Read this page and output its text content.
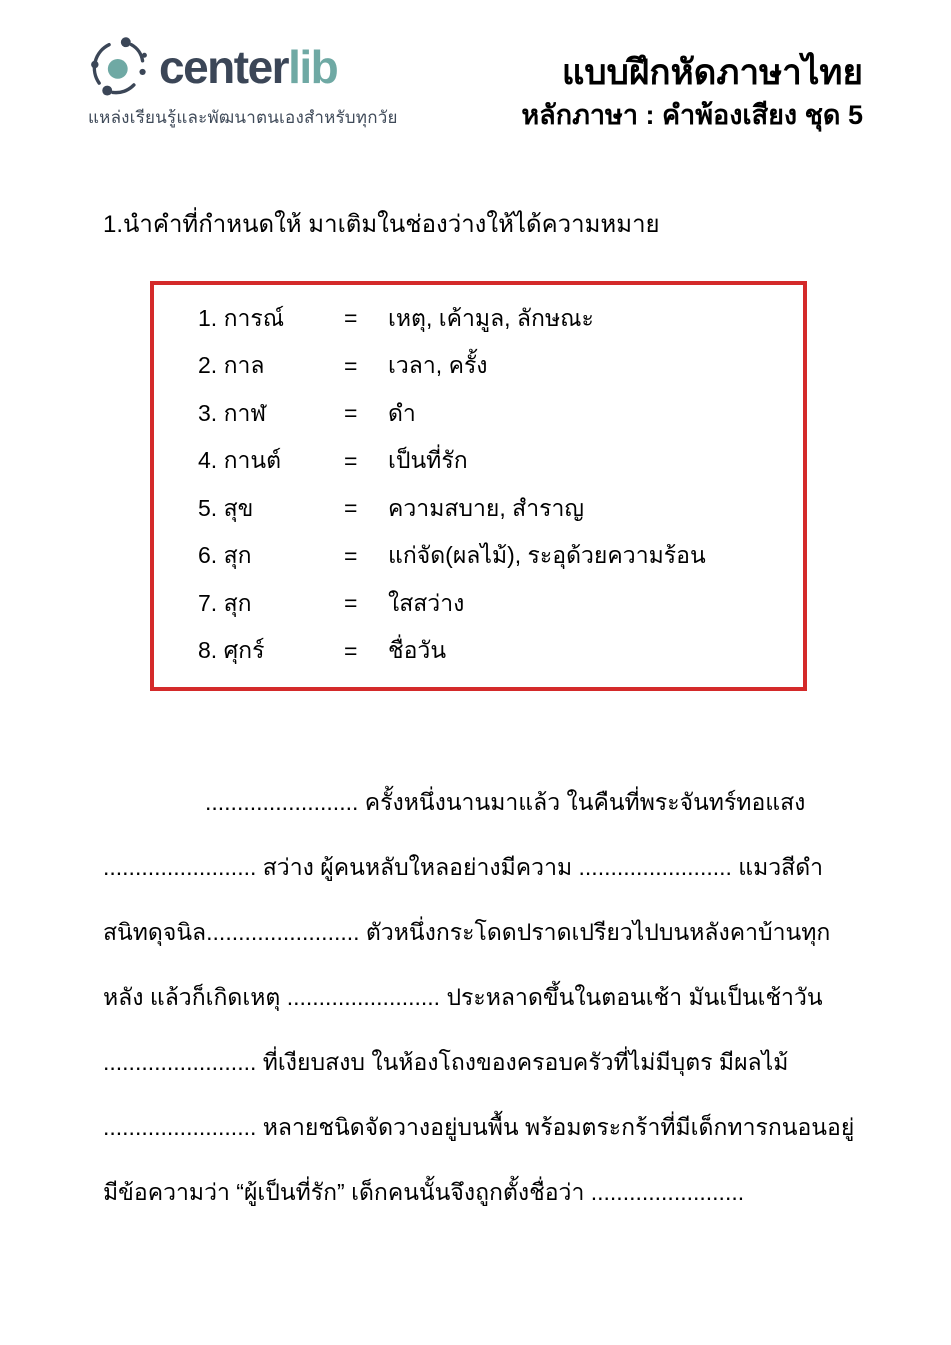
centerlib
แหล่งเรียนรู้และพัฒนาตนเองสำหรับทุกวัย
แบบฝึกหัดภาษาไทย
หลักภาษา : คำพ้องเสียง ชุด 5
1.นำคำที่กำหนดให้ มาเติมในช่องว่างให้ได้ความหมาย
1. การณ์	=	เหตุ, เค้ามูล, ลักษณะ
2. กาล	=	เวลา, ครั้ง
3. กาฬ	=	ดำ
4. กานต์	=	เป็นที่รัก
5. สุข	=	ความสบาย, สำราญ
6. สุก	=	แก่จัด(ผลไม้), ระอุด้วยความร้อน
7. สุก	=	ใสสว่าง
8. ศุกร์	=	ชื่อวัน
........................ ครั้งหนึ่งนานมาแล้ว ในคืนที่พระจันทร์ทอแสง
........................ สว่าง ผู้คนหลับใหลอย่างมีความ ........................ แมวสีดำ
สนิทดุจนิล........................ ตัวหนึ่งกระโดดปราดเปรียวไปบนหลังคาบ้านทุก
หลัง แล้วก็เกิดเหตุ ........................ ประหลาดขึ้นในตอนเช้า มันเป็นเช้าวัน
........................ ที่เงียบสงบ ในห้องโถงของครอบครัวที่ไม่มีบุตร มีผลไม้
........................ หลายชนิดจัดวางอยู่บนพื้น พร้อมตระกร้าที่มีเด็กทารกนอนอยู่
มีข้อความว่า “ผู้เป็นที่รัก” เด็กคนนั้นจึงถูกตั้งชื่อว่า ........................
